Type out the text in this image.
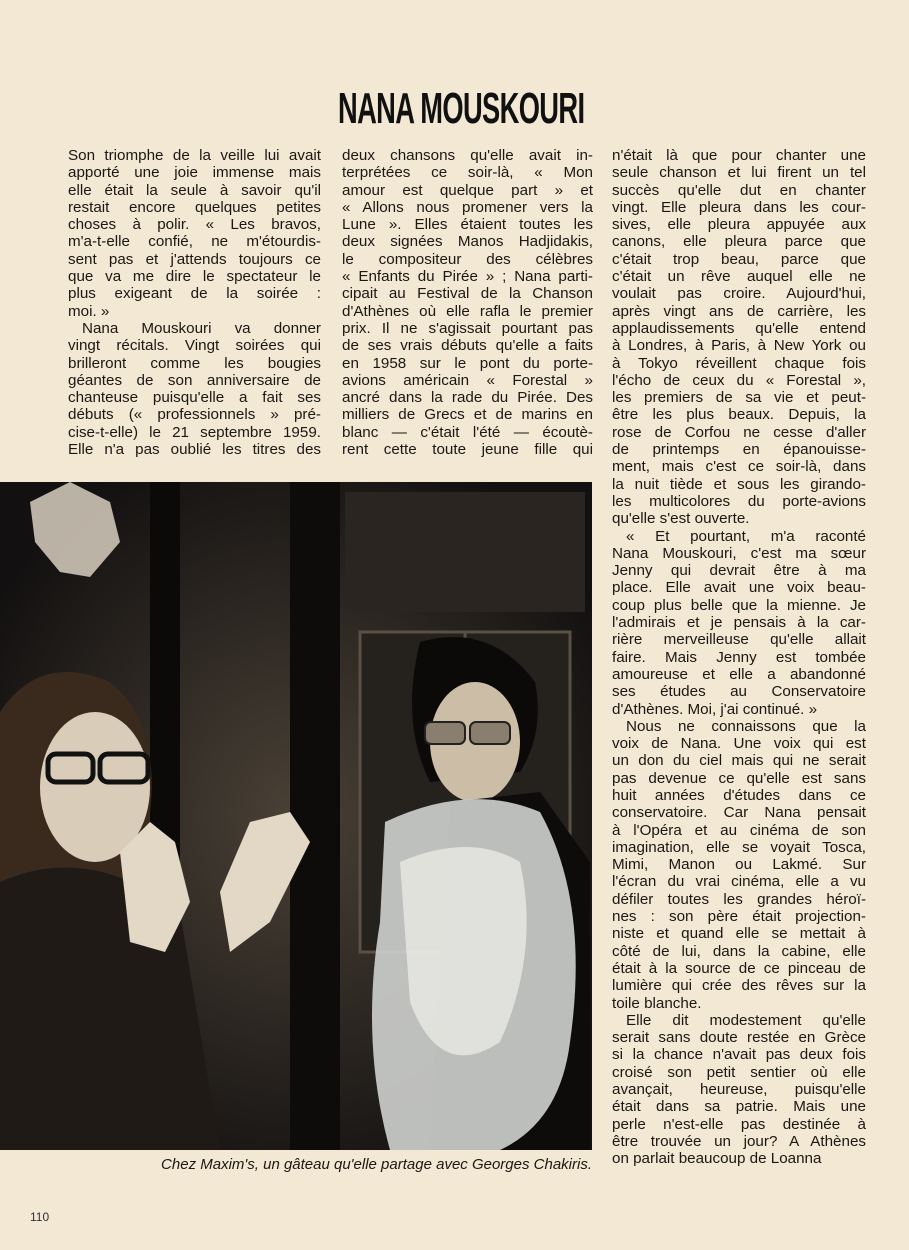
NANA MOUSKOURI
Son triomphe de la veille lui avait
apporté une joie immense mais
elle était la seule à savoir qu'il
restait encore quelques petites
choses à polir. « Les bravos,
m'a-t-elle confié, ne m'étourdis-
sent pas et j'attends toujours ce
que va me dire le spectateur le
plus exigeant de la soirée :
moi. »
Nana Mouskouri va donner
vingt récitals. Vingt soirées qui
brilleront comme les bougies
géantes de son anniversaire de
chanteuse puisqu'elle a fait ses
débuts (« professionnels » pré-
cise-t-elle) le 21 septembre 1959.
Elle n'a pas oublié les titres des
deux chansons qu'elle avait in-
terprétées ce soir-là, « Mon
amour est quelque part » et
« Allons nous promener vers la
Lune ». Elles étaient toutes les
deux signées Manos Hadjidakis,
le compositeur des célèbres
« Enfants du Pirée » ; Nana parti-
cipait au Festival de la Chanson
d'Athènes où elle rafla le premier
prix. Il ne s'agissait pourtant pas
de ses vrais débuts qu'elle a faits
en 1958 sur le pont du porte-
avions américain « Forestal »
ancré dans la rade du Pirée. Des
milliers de Grecs et de marins en
blanc — c'était l'été — écoutè-
rent cette toute jeune fille qui
n'était là que pour chanter une
seule chanson et lui firent un tel
succès qu'elle dut en chanter
vingt. Elle pleura dans les cour-
sives, elle pleura appuyée aux
canons, elle pleura parce que
c'était trop beau, parce que
c'était un rêve auquel elle ne
voulait pas croire. Aujourd'hui,
après vingt ans de carrière, les
applaudissements qu'elle entend
à Londres, à Paris, à New York ou
à Tokyo réveillent chaque fois
l'écho de ceux du « Forestal »,
les premiers de sa vie et peut-
être les plus beaux. Depuis, la
rose de Corfou ne cesse d'aller
de printemps en épanouisse-
ment, mais c'est ce soir-là, dans
la nuit tiède et sous les girando-
les multicolores du porte-avions
qu'elle s'est ouverte.
« Et pourtant, m'a raconté
Nana Mouskouri, c'est ma sœur
Jenny qui devrait être à ma
place. Elle avait une voix beau-
coup plus belle que la mienne. Je
l'admirais et je pensais à la car-
rière merveilleuse qu'elle allait
faire. Mais Jenny est tombée
amoureuse et elle a abandonné
ses études au Conservatoire
d'Athènes. Moi, j'ai continué. »
Nous ne connaissons que la
voix de Nana. Une voix qui est
un don du ciel mais qui ne serait
pas devenue ce qu'elle est sans
huit années d'études dans ce
conservatoire. Car Nana pensait
à l'Opéra et au cinéma de son
imagination, elle se voyait Tosca,
Mimi, Manon ou Lakmé. Sur
l'écran du vrai cinéma, elle a vu
défiler toutes les grandes héroï-
nes : son père était projection-
niste et quand elle se mettait à
côté de lui, dans la cabine, elle
était à la source de ce pinceau de
lumière qui crée des rêves sur la
toile blanche.
Elle dit modestement qu'elle
serait sans doute restée en Grèce
si la chance n'avait pas deux fois
croisé son petit sentier où elle
avançait, heureuse, puisqu'elle
était dans sa patrie. Mais une
perle n'est-elle pas destinée à
être trouvée un jour? A Athènes
on parlait beaucoup de Loanna
Chez Maxim's, un gâteau qu'elle partage avec Georges Chakiris.
110
